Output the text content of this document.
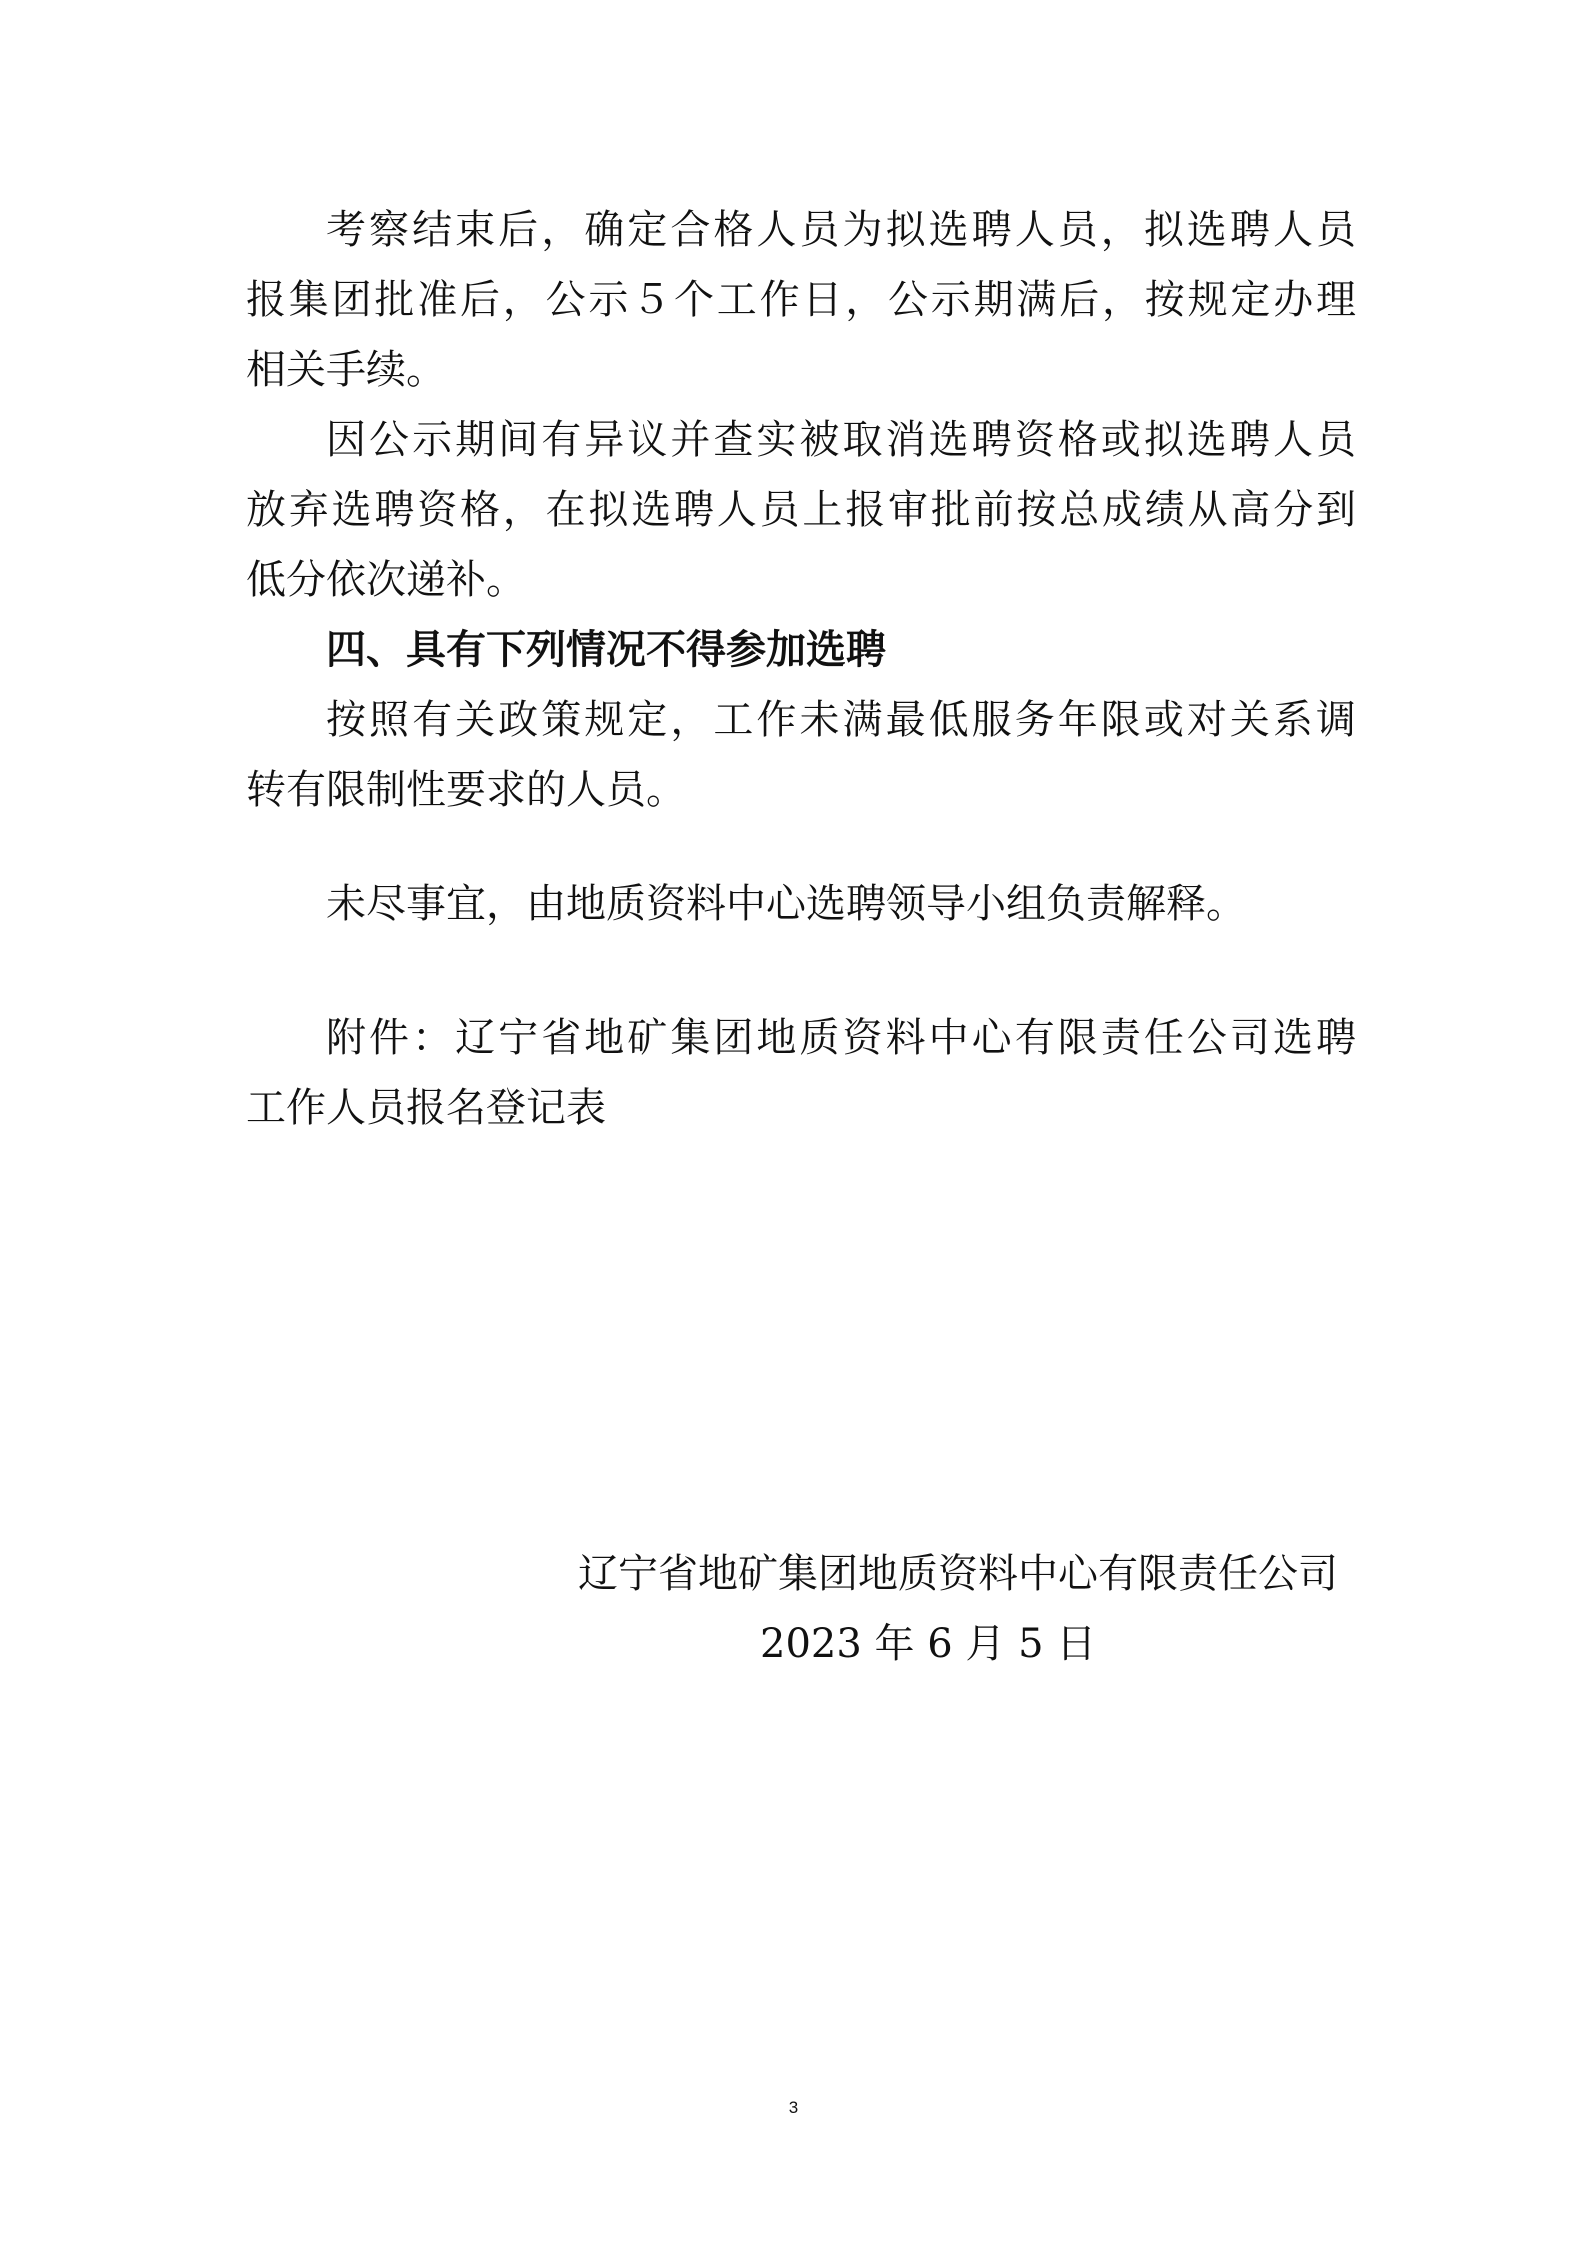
考察结束后，确定合格人员为拟选聘人员，拟选聘人员
报集团批准后，公示５个工作日，公示期满后，按规定办理
相关手续。
因公示期间有异议并查实被取消选聘资格或拟选聘人员
放弃选聘资格，在拟选聘人员上报审批前按总成绩从高分到
低分依次递补。
四、具有下列情况不得参加选聘
按照有关政策规定，工作未满最低服务年限或对关系调
转有限制性要求的人员。
未尽事宜，由地质资料中心选聘领导小组负责解释。
附件：辽宁省地矿集团地质资料中心有限责任公司选聘
工作人员报名登记表
辽宁省地矿集团地质资料中心有限责任公司
2023 年 6 月 5 日
3
